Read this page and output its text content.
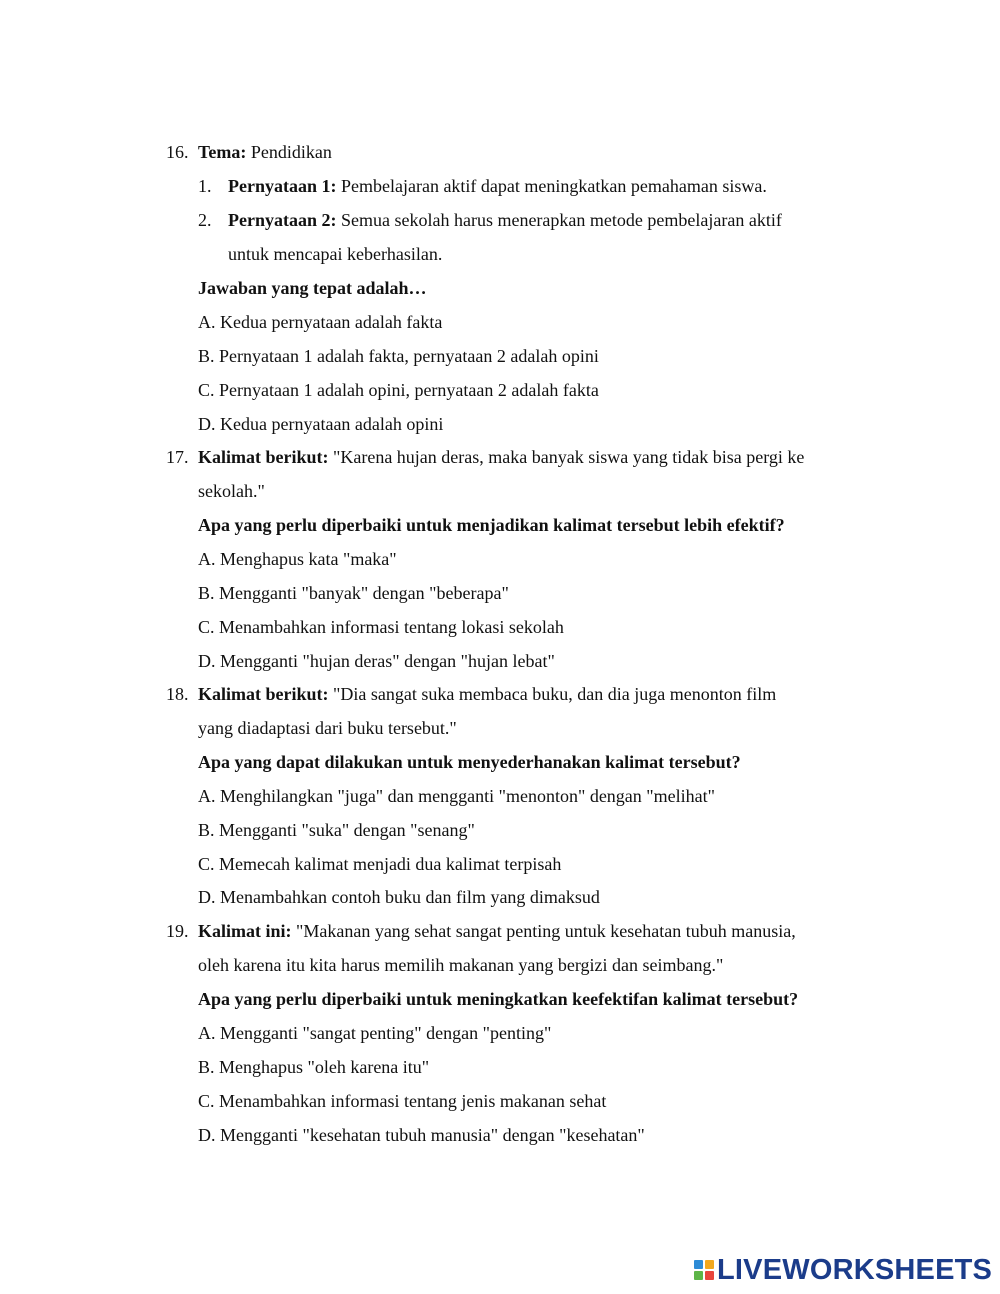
16. Tema: Pendidikan
1. Pernyataan 1: Pembelajaran aktif dapat meningkatkan pemahaman siswa.
2. Pernyataan 2: Semua sekolah harus menerapkan metode pembelajaran aktif
untuk mencapai keberhasilan.
Jawaban yang tepat adalah…
A. Kedua pernyataan adalah fakta
B. Pernyataan 1 adalah fakta, pernyataan 2 adalah opini
C. Pernyataan 1 adalah opini, pernyataan 2 adalah fakta
D. Kedua pernyataan adalah opini
17. Kalimat berikut: "Karena hujan deras, maka banyak siswa yang tidak bisa pergi ke
sekolah."
Apa yang perlu diperbaiki untuk menjadikan kalimat tersebut lebih efektif?
A. Menghapus kata "maka"
B. Mengganti "banyak" dengan "beberapa"
C. Menambahkan informasi tentang lokasi sekolah
D. Mengganti "hujan deras" dengan "hujan lebat"
18. Kalimat berikut: "Dia sangat suka membaca buku, dan dia juga menonton film
yang diadaptasi dari buku tersebut."
Apa yang dapat dilakukan untuk menyederhanakan kalimat tersebut?
A. Menghilangkan "juga" dan mengganti "menonton" dengan "melihat"
B. Mengganti "suka" dengan "senang"
C. Memecah kalimat menjadi dua kalimat terpisah
D. Menambahkan contoh buku dan film yang dimaksud
19. Kalimat ini: "Makanan yang sehat sangat penting untuk kesehatan tubuh manusia,
oleh karena itu kita harus memilih makanan yang bergizi dan seimbang."
Apa yang perlu diperbaiki untuk meningkatkan keefektifan kalimat tersebut?
A. Mengganti "sangat penting" dengan "penting"
B. Menghapus "oleh karena itu"
C. Menambahkan informasi tentang jenis makanan sehat
D. Mengganti "kesehatan tubuh manusia" dengan "kesehatan"
LIVEWORKSHEETS
